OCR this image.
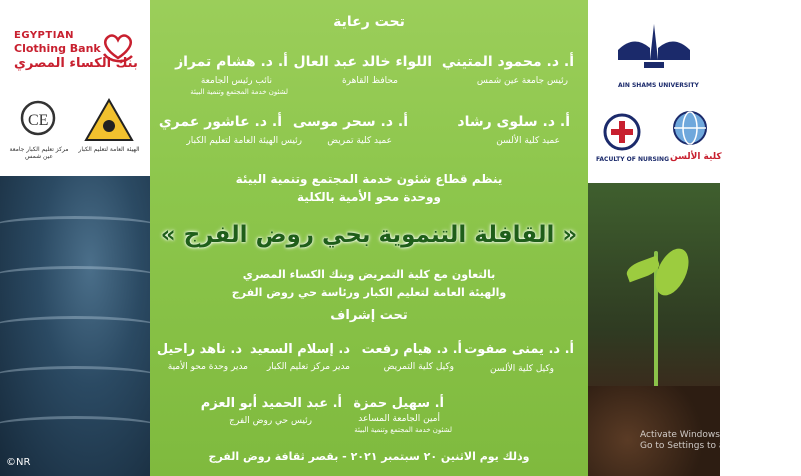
EGYPTIAN
Clothing Bank
بنك الكساء المصري
CE
مركز تعليم الكبار جامعة عين شمس
الهيئة العامة لتعليم الكبار
©NR
تحت رعاية
أ. د. محمود المتيني
رئيس جامعة عين شمس
اللواء خالد عبد العال
محافظ القاهرة
أ. د. هشام تمراز
نائب رئيس الجامعة
لشئون خدمة المجتمع وتنمية البيئة
أ. د. سلوى رشاد
عميد كلية الألسن
أ. د. سحر موسى
عميد كلية تمريض
أ. د. عاشور عمري
رئيس الهيئة العامة لتعليم الكبار
ينظم قطاع شئون خدمة المجتمع وتنمية البيئة
ووحدة محو الأمية بالكلية
« القافلة التنموية بحي روض الفرج »
بالتعاون مع كلية التمريض وبنك الكساء المصري
والهيئة العامة لتعليم الكبار ورئاسة حي روض الفرج
تحت إشراف
أ. د. يمنى صفوت
وكيل كلية الألسن
أ. د. هيام رفعت
وكيل كلية التمريض
د. إسلام السعيد
مدير مركز تعليم الكبار
د. ناهد راحيل
مدير وحدة محو الأمية
أ. سهيل حمزة
أمين الجامعة المساعد
لشئون خدمة المجتمع وتنمية البيئة
أ. عبد الحميد أبو العزم
رئيس حي روض الفرج
وذلك يوم الاثنين ٢٠ سبتمبر ٢٠٢١ - بقصر ثقافة روض الفرج
AIN SHAMS UNIVERSITY
FACULTY OF NURSING كلية الألسن
Activate Windows
Go to Settings to activate Windows.
